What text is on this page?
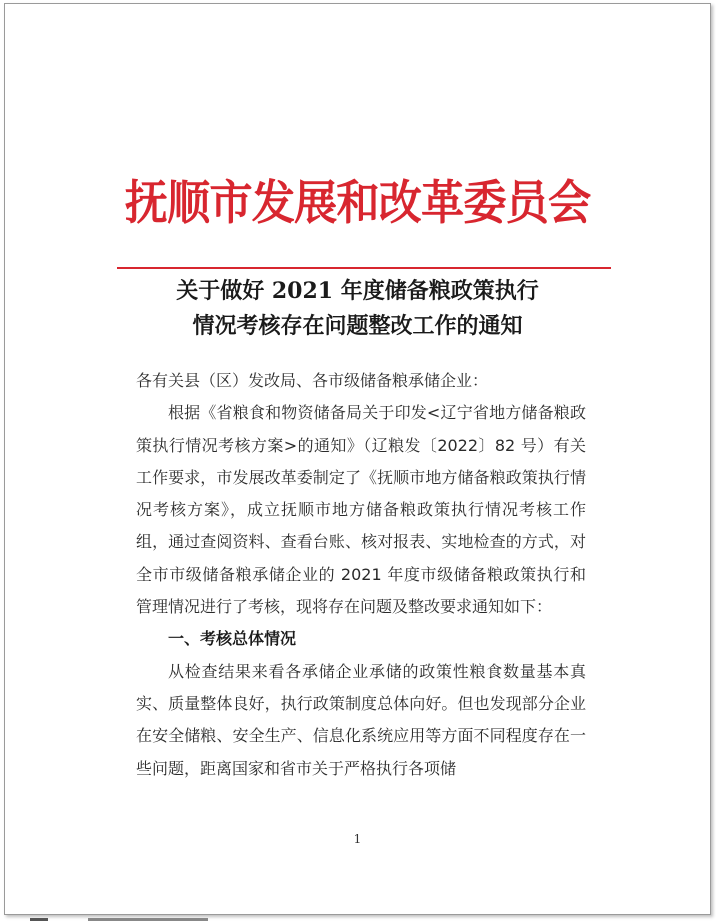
抚顺市发展和改革委员会
关于做好 2021 年度储备粮政策执行
情况考核存在问题整改工作的通知

各有关县（区）发改局、各市级储备粮承储企业：

根据《省粮食和物资储备局关于印发<辽宁省地方储备粮政策执行情况考核方案>的通知》（辽粮发〔2022〕82 号）有关工作要求，市发展改革委制定了《抚顺市地方储备粮政策执行情况考核方案》，成立抚顺市地方储备粮政策执行情况考核工作组，通过查阅资料、查看台账、核对报表、实地检查的方式，对全市市级储备粮承储企业的 2021 年度市级储备粮政策执行和管理情况进行了考核，现将存在问题及整改要求通知如下：

一、考核总体情况

从检查结果来看各承储企业承储的政策性粮食数量基本真实、质量整体良好，执行政策制度总体向好。但也发现部分企业在安全储粮、安全生产、信息化系统应用等方面不同程度存在一些问题，距离国家和省市关于严格执行各项储

1
